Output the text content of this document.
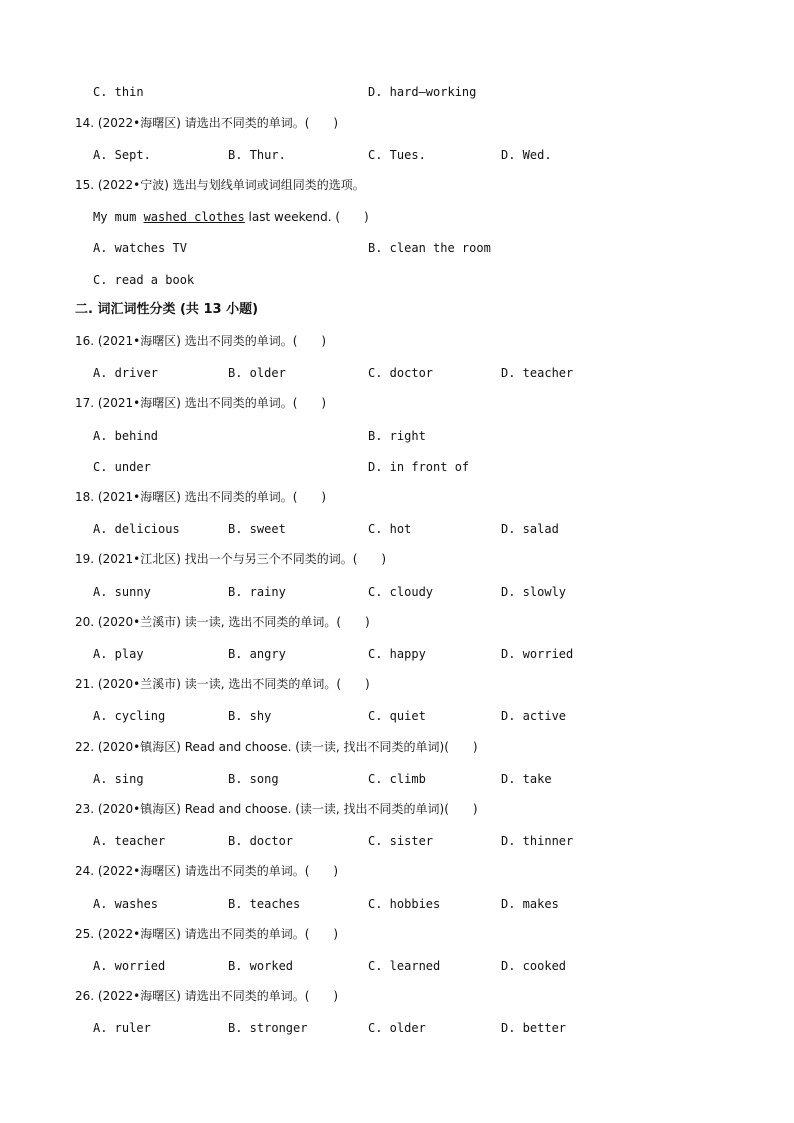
C. thin	D. hard–working
14. (2022•海曙区) 请选出不同类的单词。(　　)
A. Sept.	B. Thur.	C. Tues.	D. Wed.
15. (2022•宁波) 选出与划线单词或词组同类的选项。
My mum washed clothes last weekend. (　　)
A. watches TV	B. clean the room
C. read a book
二. 词汇词性分类 (共 13 小题)
16. (2021•海曙区) 选出不同类的单词。(　　)
A. driver	B. older	C. doctor	D. teacher
17. (2021•海曙区) 选出不同类的单词。(　　)
A. behind	B. right
C. under	D. in front of
18. (2021•海曙区) 选出不同类的单词。(　　)
A. delicious	B. sweet	C. hot	D. salad
19. (2021•江北区) 找出一个与另三个不同类的词。(　　)
A. sunny	B. rainy	C. cloudy	D. slowly
20. (2020•兰溪市) 读一读, 选出不同类的单词。(　　)
A. play	B. angry	C. happy	D. worried
21. (2020•兰溪市) 读一读, 选出不同类的单词。(　　)
A. cycling	B. shy	C. quiet	D. active
22. (2020•镇海区) Read and choose. (读一读, 找出不同类的单词)(　　)
A. sing	B. song	C. climb	D. take
23. (2020•镇海区) Read and choose. (读一读, 找出不同类的单词)(　　)
A. teacher	B. doctor	C. sister	D. thinner
24. (2022•海曙区) 请选出不同类的单词。(　　)
A. washes	B. teaches	C. hobbies	D. makes
25. (2022•海曙区) 请选出不同类的单词。(　　)
A. worried	B. worked	C. learned	D. cooked
26. (2022•海曙区) 请选出不同类的单词。(　　)
A. ruler	B. stronger	C. older	D. better
